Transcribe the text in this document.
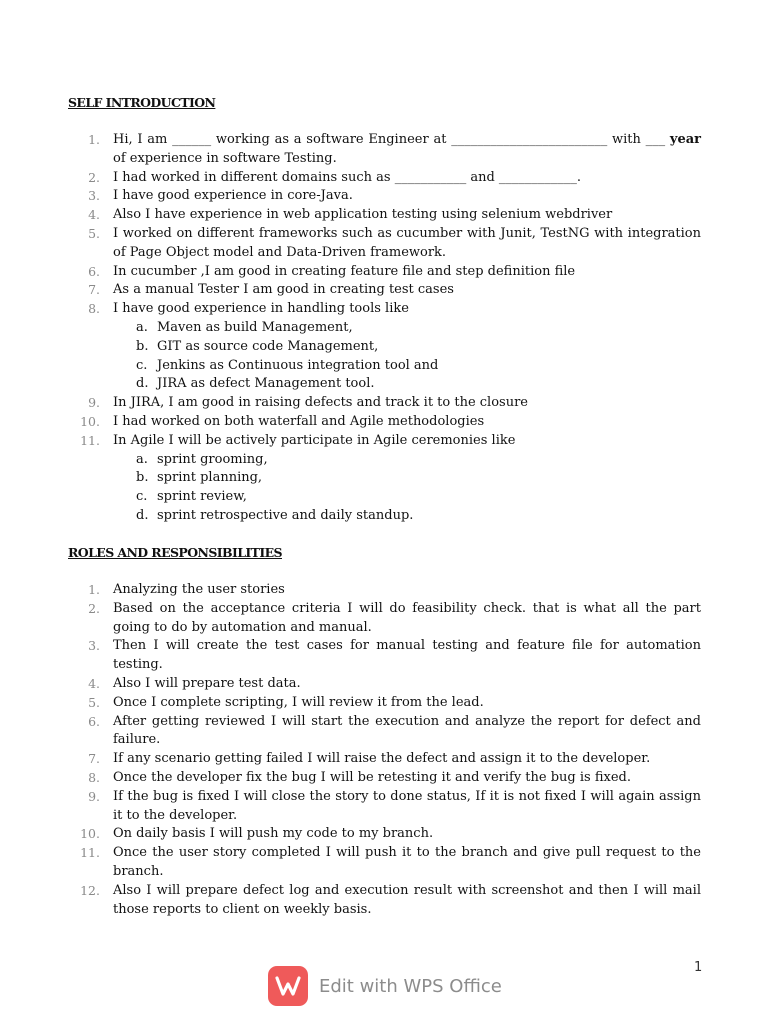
SELF INTRODUCTION
1. Hi, I am ______ working as a software Engineer at ________________________ with ___ year of experience in software Testing.
2. I had worked in different domains such as ___________ and ____________.
3. I have good experience in core-Java.
4. Also I have experience in web application testing using selenium webdriver
5. I worked on different frameworks such as cucumber with Junit, TestNG with integration of Page Object model and Data-Driven framework.
6. In cucumber ,I am good in creating feature file and step definition file
7. As a manual Tester I am good in creating test cases
8. I have good experience in handling tools like
a. Maven as build Management,
b. GIT as source code Management,
c. Jenkins as Continuous integration tool and
d. JIRA as defect Management tool.
9. In JIRA, I am good in raising defects and track it to the closure
10. I had worked on both waterfall and Agile methodologies
11. In Agile I will be actively participate in Agile ceremonies like
a. sprint grooming,
b. sprint planning,
c. sprint review,
d. sprint retrospective and daily standup.
ROLES AND RESPONSIBILITIES
1. Analyzing the user stories
2. Based on the acceptance criteria I will do feasibility check. that is what all the part going to do by automation and manual.
3. Then I will create the test cases for manual testing and feature file for automation testing.
4. Also I will prepare test data.
5. Once I complete scripting, I will review it from the lead.
6. After getting reviewed I will start the execution and analyze the report for defect and failure.
7. If any scenario getting failed I will raise the defect and assign it to the developer.
8. Once the developer fix the bug I will be retesting it and verify the bug is fixed.
9. If the bug is fixed I will close the story to done status, If it is not fixed I will again assign it to the developer.
10. On daily basis I will push my code to my branch.
11. Once the user story completed I will push it to the branch and give pull request to the branch.
12. Also I will prepare defect log and execution result with screenshot and then I will mail those reports to client on weekly basis.
1
Edit with WPS Office
